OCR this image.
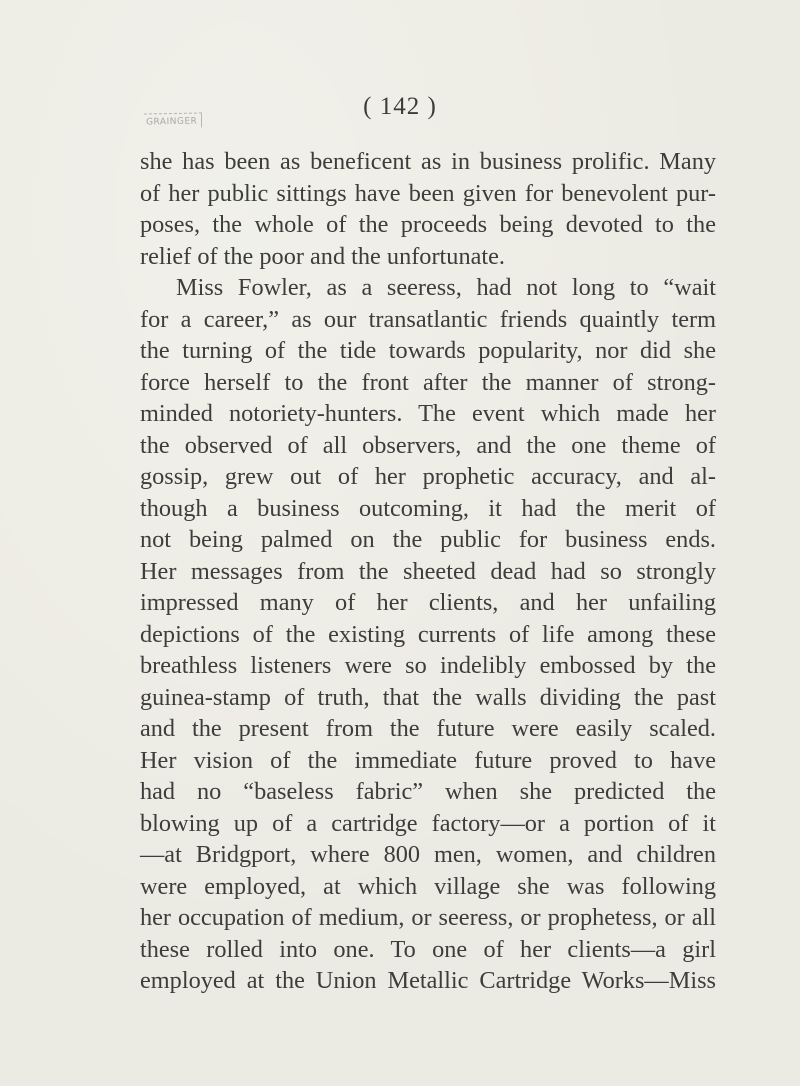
GRAINGER
( 142 )
she has been as beneficent as in business prolific. Many
of her public sittings have been given for benevolent pur-
poses, the whole of the proceeds being devoted to the
relief of the poor and the unfortunate.
Miss Fowler, as a seeress, had not long to “wait
for a career,” as our transatlantic friends quaintly term
the turning of the tide towards popularity, nor did she
force herself to the front after the manner of strong-
minded notoriety-hunters. The event which made her
the observed of all observers, and the one theme of
gossip, grew out of her prophetic accuracy, and al-
though a business outcoming, it had the merit of
not being palmed on the public for business ends.
Her messages from the sheeted dead had so strongly
impressed many of her clients, and her unfailing
depictions of the existing currents of life among these
breathless listeners were so indelibly embossed by the
guinea-stamp of truth, that the walls dividing the past
and the present from the future were easily scaled.
Her vision of the immediate future proved to have
had no “baseless fabric” when she predicted the
blowing up of a cartridge factory—or a portion of it
—at Bridgport, where 800 men, women, and children
were employed, at which village she was following
her occupation of medium, or seeress, or prophetess, or all
these rolled into one. To one of her clients—a girl
employed at the Union Metallic Cartridge Works—Miss
